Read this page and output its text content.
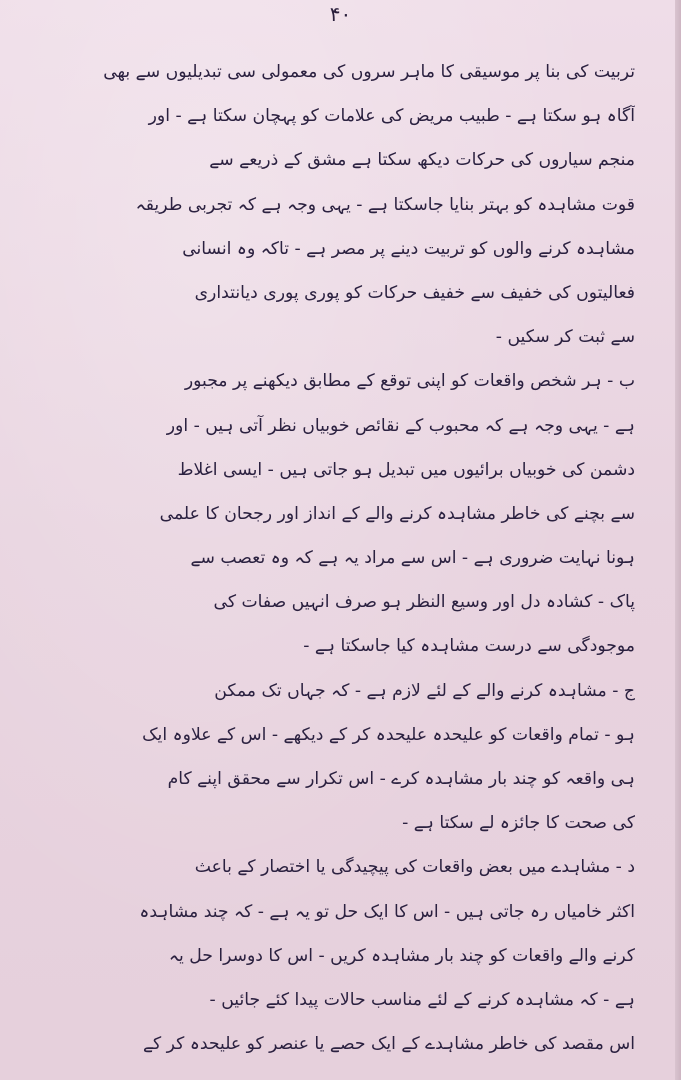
۴۰
تربیت کی بنا پر موسیقی کا ماہر سروں کی معمولی سی تبدیلیوں سے بھی
آگاہ ہو سکتا ہے - طبیب مریض کی علامات کو پہچان سکتا ہے - اور
منجم سیاروں کی حرکات دیکھ سکتا ہے مشق کے ذریعے سے
قوت مشاہدہ کو بہتر بنایا جاسکتا ہے - یہی وجہ ہے کہ تجربی طریقہ
مشاہدہ کرنے والوں کو تربیت دینے پر مصر ہے - تاکہ وہ انسانی
فعالیتوں کی خفیف سے خفیف حرکات کو پوری پوری دیانتداری
سے ثبت کر سکیں -
ب - ہر شخص واقعات کو اپنی توقع کے مطابق دیکھنے پر مجبور
ہے - یہی وجہ ہے کہ محبوب کے نقائص خوبیاں نظر آتی ہیں - اور
دشمن کی خوبیاں برائیوں میں تبدیل ہو جاتی ہیں - ایسی اغلاط
سے بچنے کی خاطر مشاہدہ کرنے والے کے انداز اور رجحان کا علمی
ہونا نہایت ضروری ہے - اس سے مراد یہ ہے کہ وہ تعصب سے
پاک - کشادہ دل اور وسیع النظر ہو صرف انہیں صفات کی
موجودگی سے درست مشاہدہ کیا جاسکتا ہے -
ج - مشاہدہ کرنے والے کے لئے لازم ہے - کہ جہاں تک ممکن
ہو - تمام واقعات کو علیحدہ علیحدہ کر کے دیکھے - اس کے علاوہ ایک
ہی واقعہ کو چند بار مشاہدہ کرے - اس تکرار سے محقق اپنے کام
کی صحت کا جائزہ لے سکتا ہے -
د - مشاہدے میں بعض واقعات کی پیچیدگی یا اختصار کے باعث
اکثر خامیاں رہ جاتی ہیں - اس کا ایک حل تو یہ ہے - کہ چند مشاہدہ
کرنے والے واقعات کو چند بار مشاہدہ کریں - اس کا دوسرا حل یہ
ہے - کہ مشاہدہ کرنے کے لئے مناسب حالات پیدا کئے جائیں -
اس مقصد کی خاطر مشاہدے کے ایک حصے یا عنصر کو علیحدہ کر کے
